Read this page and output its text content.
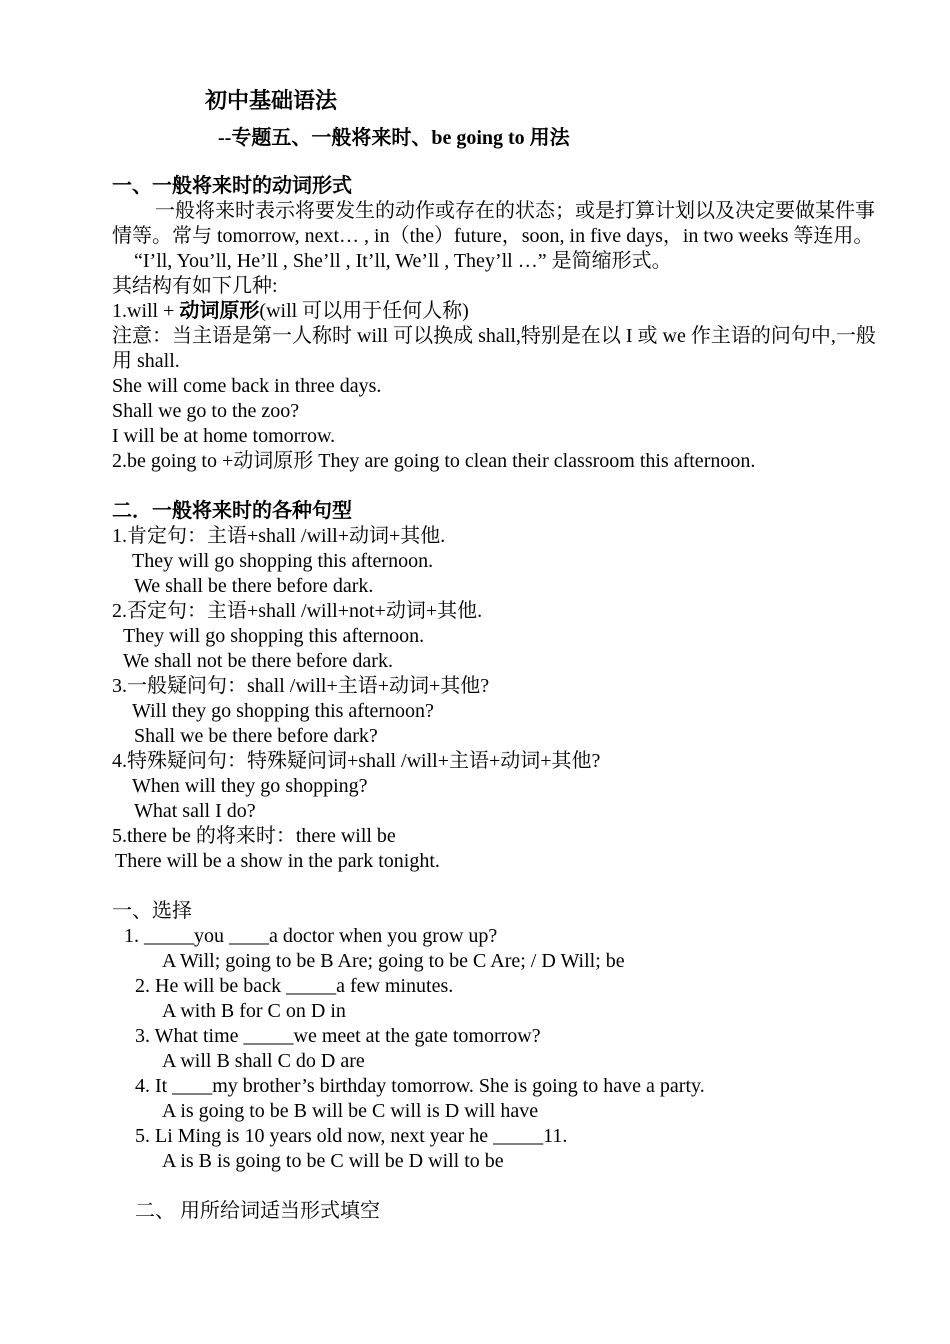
初中基础语法
--专题五、一般将来时、be going to 用法
一、一般将来时的动词形式
一般将来时表示将要发生的动作或存在的状态；或是打算计划以及决定要做某件事情等。常与 tomorrow, next… , in（the）future，soon, in five days，in two weeks 等连用。
“I’ll, You’ll, He’ll , She’ll , It’ll, We’ll , They’ll …” 是简缩形式。
其结构有如下几种:
1.will + 动词原形(will 可以用于任何人称)
注意：当主语是第一人称时 will 可以换成 shall,特别是在以 I 或 we 作主语的问句中,一般用 shall.
She will come back in three days.
Shall we go to the zoo?
I will be at home tomorrow.
2.be going to +动词原形 They are going to clean their classroom this afternoon.
二．一般将来时的各种句型
1.肯定句：主语+shall /will+动词+其他.
They will go shopping this afternoon.
We shall be there before dark.
2.否定句：主语+shall /will+not+动词+其他.
They will go shopping this afternoon.
We shall not be there before dark.
3.一般疑问句：shall /will+主语+动词+其他?
Will they go shopping this afternoon?
Shall we be there before dark?
4.特殊疑问句：特殊疑问词+shall /will+主语+动词+其他?
When will they go shopping?
What sall I do?
5.there be 的将来时：there will be
There will be a show in the park tonight.
一、选择
1. _____you ____a doctor when you grow up?
A Will; going to be B Are; going to be C Are; / D Will; be
2. He will be back _____a few minutes.
A with B for C on D in
3. What time _____we meet at the gate tomorrow?
A will B shall C do D are
4. It ____my brother’s birthday tomorrow. She is going to have a party.
A is going to be B will be C will is D will have
5. Li Ming is 10 years old now, next year he _____11.
A is B is going to be C will be D will to be
二、 用所给词适当形式填空
